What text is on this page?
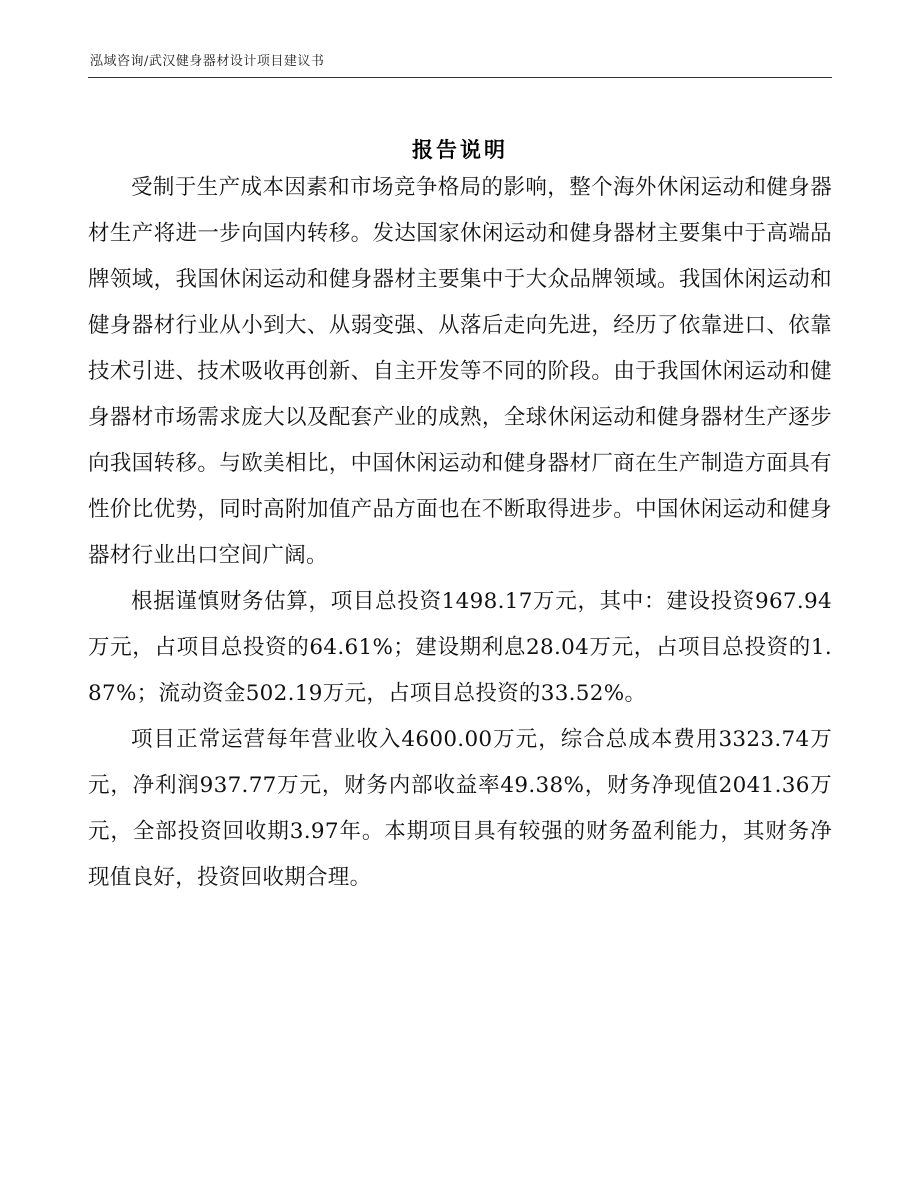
泓域咨询/武汉健身器材设计项目建议书
报告说明

受制于生产成本因素和市场竞争格局的影响，整个海外休闲运动和健身器材生产将进一步向国内转移。发达国家休闲运动和健身器材主要集中于高端品牌领域，我国休闲运动和健身器材主要集中于大众品牌领域。我国休闲运动和健身器材行业从小到大、从弱变强、从落后走向先进，经历了依靠进口、依靠技术引进、技术吸收再创新、自主开发等不同的阶段。由于我国休闲运动和健身器材市场需求庞大以及配套产业的成熟，全球休闲运动和健身器材生产逐步向我国转移。与欧美相比，中国休闲运动和健身器材厂商在生产制造方面具有性价比优势，同时高附加值产品方面也在不断取得进步。中国休闲运动和健身器材行业出口空间广阔。

根据谨慎财务估算，项目总投资1498.17万元，其中：建设投资967.94万元，占项目总投资的64.61%；建设期利息28.04万元，占项目总投资的1.87%；流动资金502.19万元，占项目总投资的33.52%。

项目正常运营每年营业收入4600.00万元，综合总成本费用3323.74万元，净利润937.77万元，财务内部收益率49.38%，财务净现值2041.36万元，全部投资回收期3.97年。本期项目具有较强的财务盈利能力，其财务净现值良好，投资回收期合理。
